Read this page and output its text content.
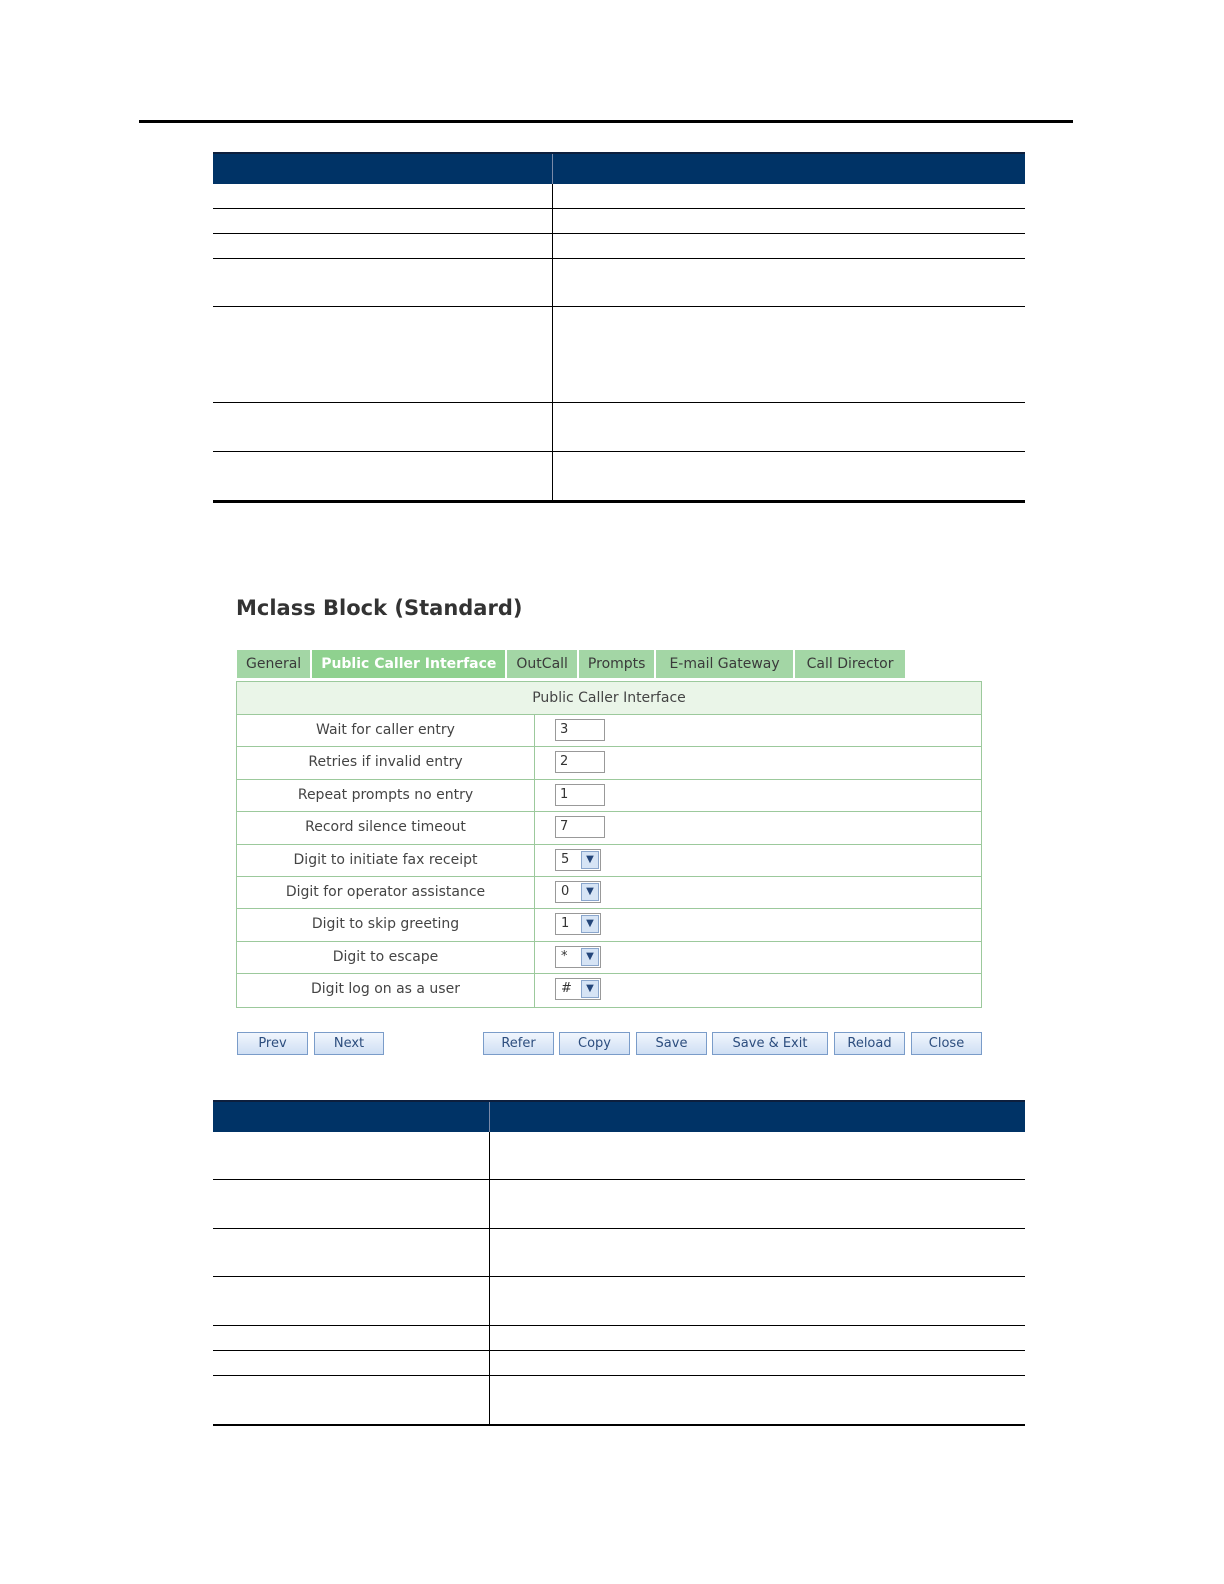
Mclass Block (Standard)
General	Public Caller Interface	OutCall	Prompts	E-mail Gateway	Call Director
Public Caller Interface
Wait for caller entry	3
Retries if invalid entry	2
Repeat prompts no entry	1
Record silence timeout	7
Digit to initiate fax receipt	5	▼
Digit for operator assistance	0	▼
Digit to skip greeting	1	▼
Digit to escape	*	▼
Digit log on as a user	#	▼
Prev	Next	Refer	Copy	Save	Save & Exit	Reload	Close
